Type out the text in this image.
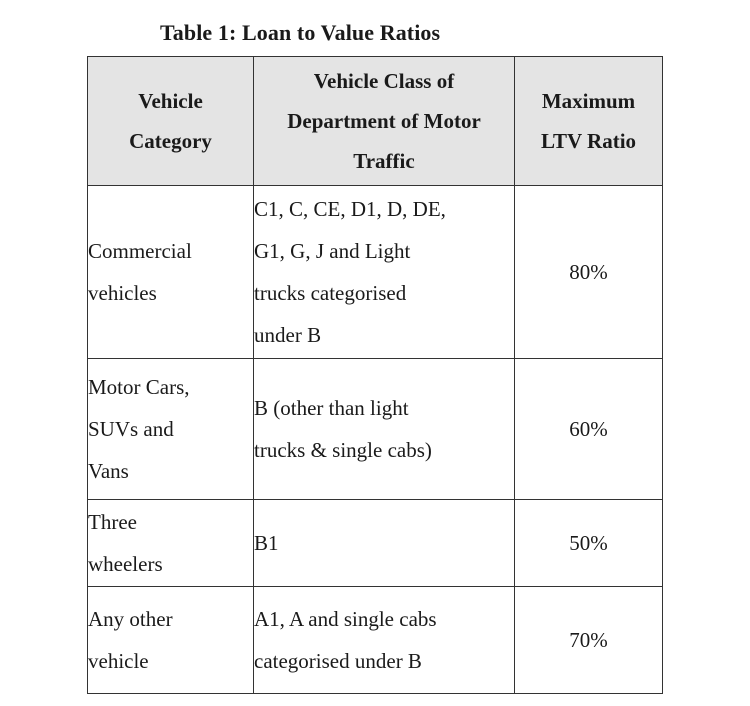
Table 1: Loan to Value Ratios
Vehicle
Category	Vehicle Class of
Department of Motor
Traffic	Maximum
LTV Ratio

Commercial
vehicles	C1, C, CE, D1, D, DE,
G1, G, J and Light
trucks categorised
under B	80%

Motor Cars,
SUVs and
Vans	B (other than light
trucks & single cabs)	60%

Three
wheelers	B1	50%

Any other
vehicle	A1, A and single cabs
categorised under B	70%
